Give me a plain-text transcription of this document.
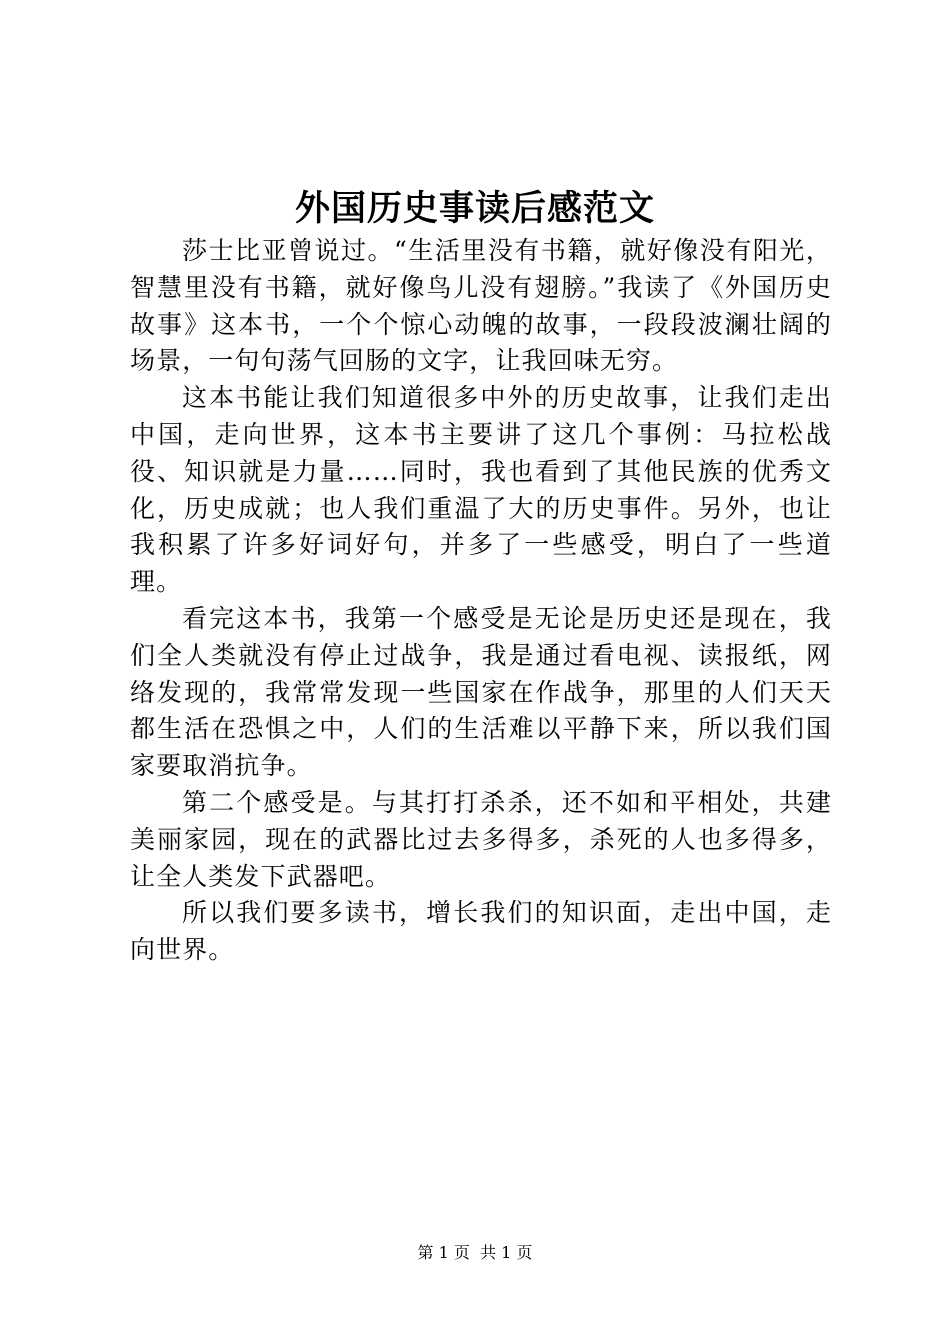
外国历史事读后感范文

莎士比亚曾说过。“生活里没有书籍，就好像没有阳光，智慧里没有书籍，就好像鸟儿没有翅膀。”我读了《外国历史故事》这本书，一个个惊心动魄的故事，一段段波澜壮阔的场景，一句句荡气回肠的文字，让我回味无穷。

这本书能让我们知道很多中外的历史故事，让我们走出中国，走向世界，这本书主要讲了这几个事例：马拉松战役、知识就是力量……同时，我也看到了其他民族的优秀文化，历史成就；也人我们重温了大的历史事件。另外，也让我积累了许多好词好句，并多了一些感受，明白了一些道理。

看完这本书，我第一个感受是无论是历史还是现在，我们全人类就没有停止过战争，我是通过看电视、读报纸，网络发现的，我常常发现一些国家在作战争，那里的人们天天都生活在恐惧之中，人们的生活难以平静下来，所以我们国家要取消抗争。

第二个感受是。与其打打杀杀，还不如和平相处，共建美丽家园，现在的武器比过去多得多，杀死的人也多得多，让全人类发下武器吧。

所以我们要多读书，增长我们的知识面，走出中国，走向世界。

第 1 页 共 1 页
